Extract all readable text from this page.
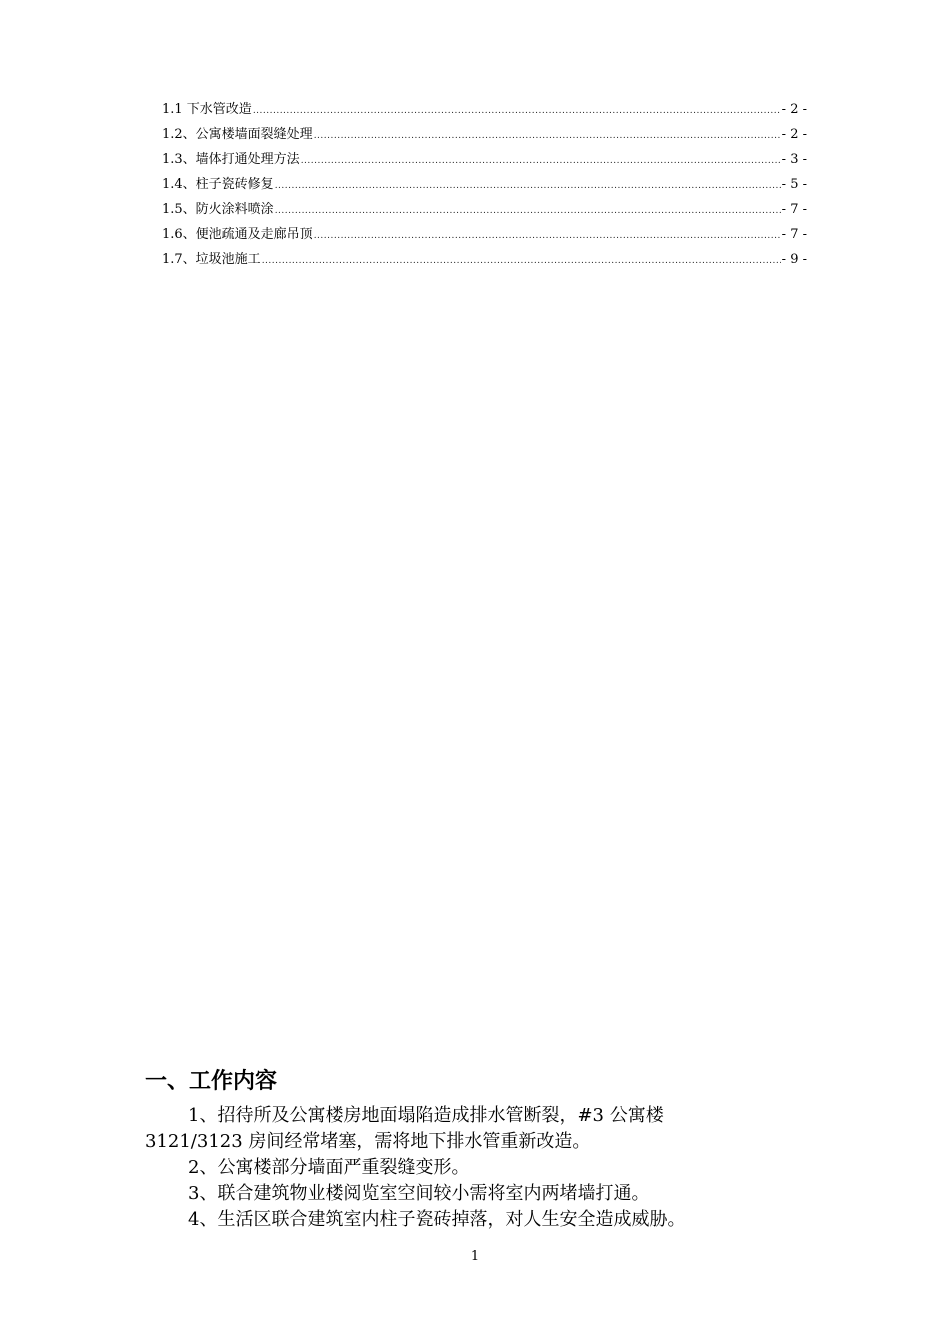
1.1 下水管改造 .....	- 2 -
1.2、公寓楼墙面裂缝处理 .....	- 2 -
1.3、墙体打通处理方法 .....	- 3 -
1.4、柱子瓷砖修复 .....	- 5 -
1.5、防火涂料喷涂 .....	- 7 -
1.6、便池疏通及走廊吊顶 .....	- 7 -
1.7、垃圾池施工 .....	- 9 -
一、工作内容

1、招待所及公寓楼房地面塌陷造成排水管断裂，#3 公寓楼

3121/3123 房间经常堵塞，需将地下排水管重新改造。

2、公寓楼部分墙面严重裂缝变形。

3、联合建筑物业楼阅览室空间较小需将室内两堵墙打通。

4、生活区联合建筑室内柱子瓷砖掉落，对人生安全造成威胁。

1
